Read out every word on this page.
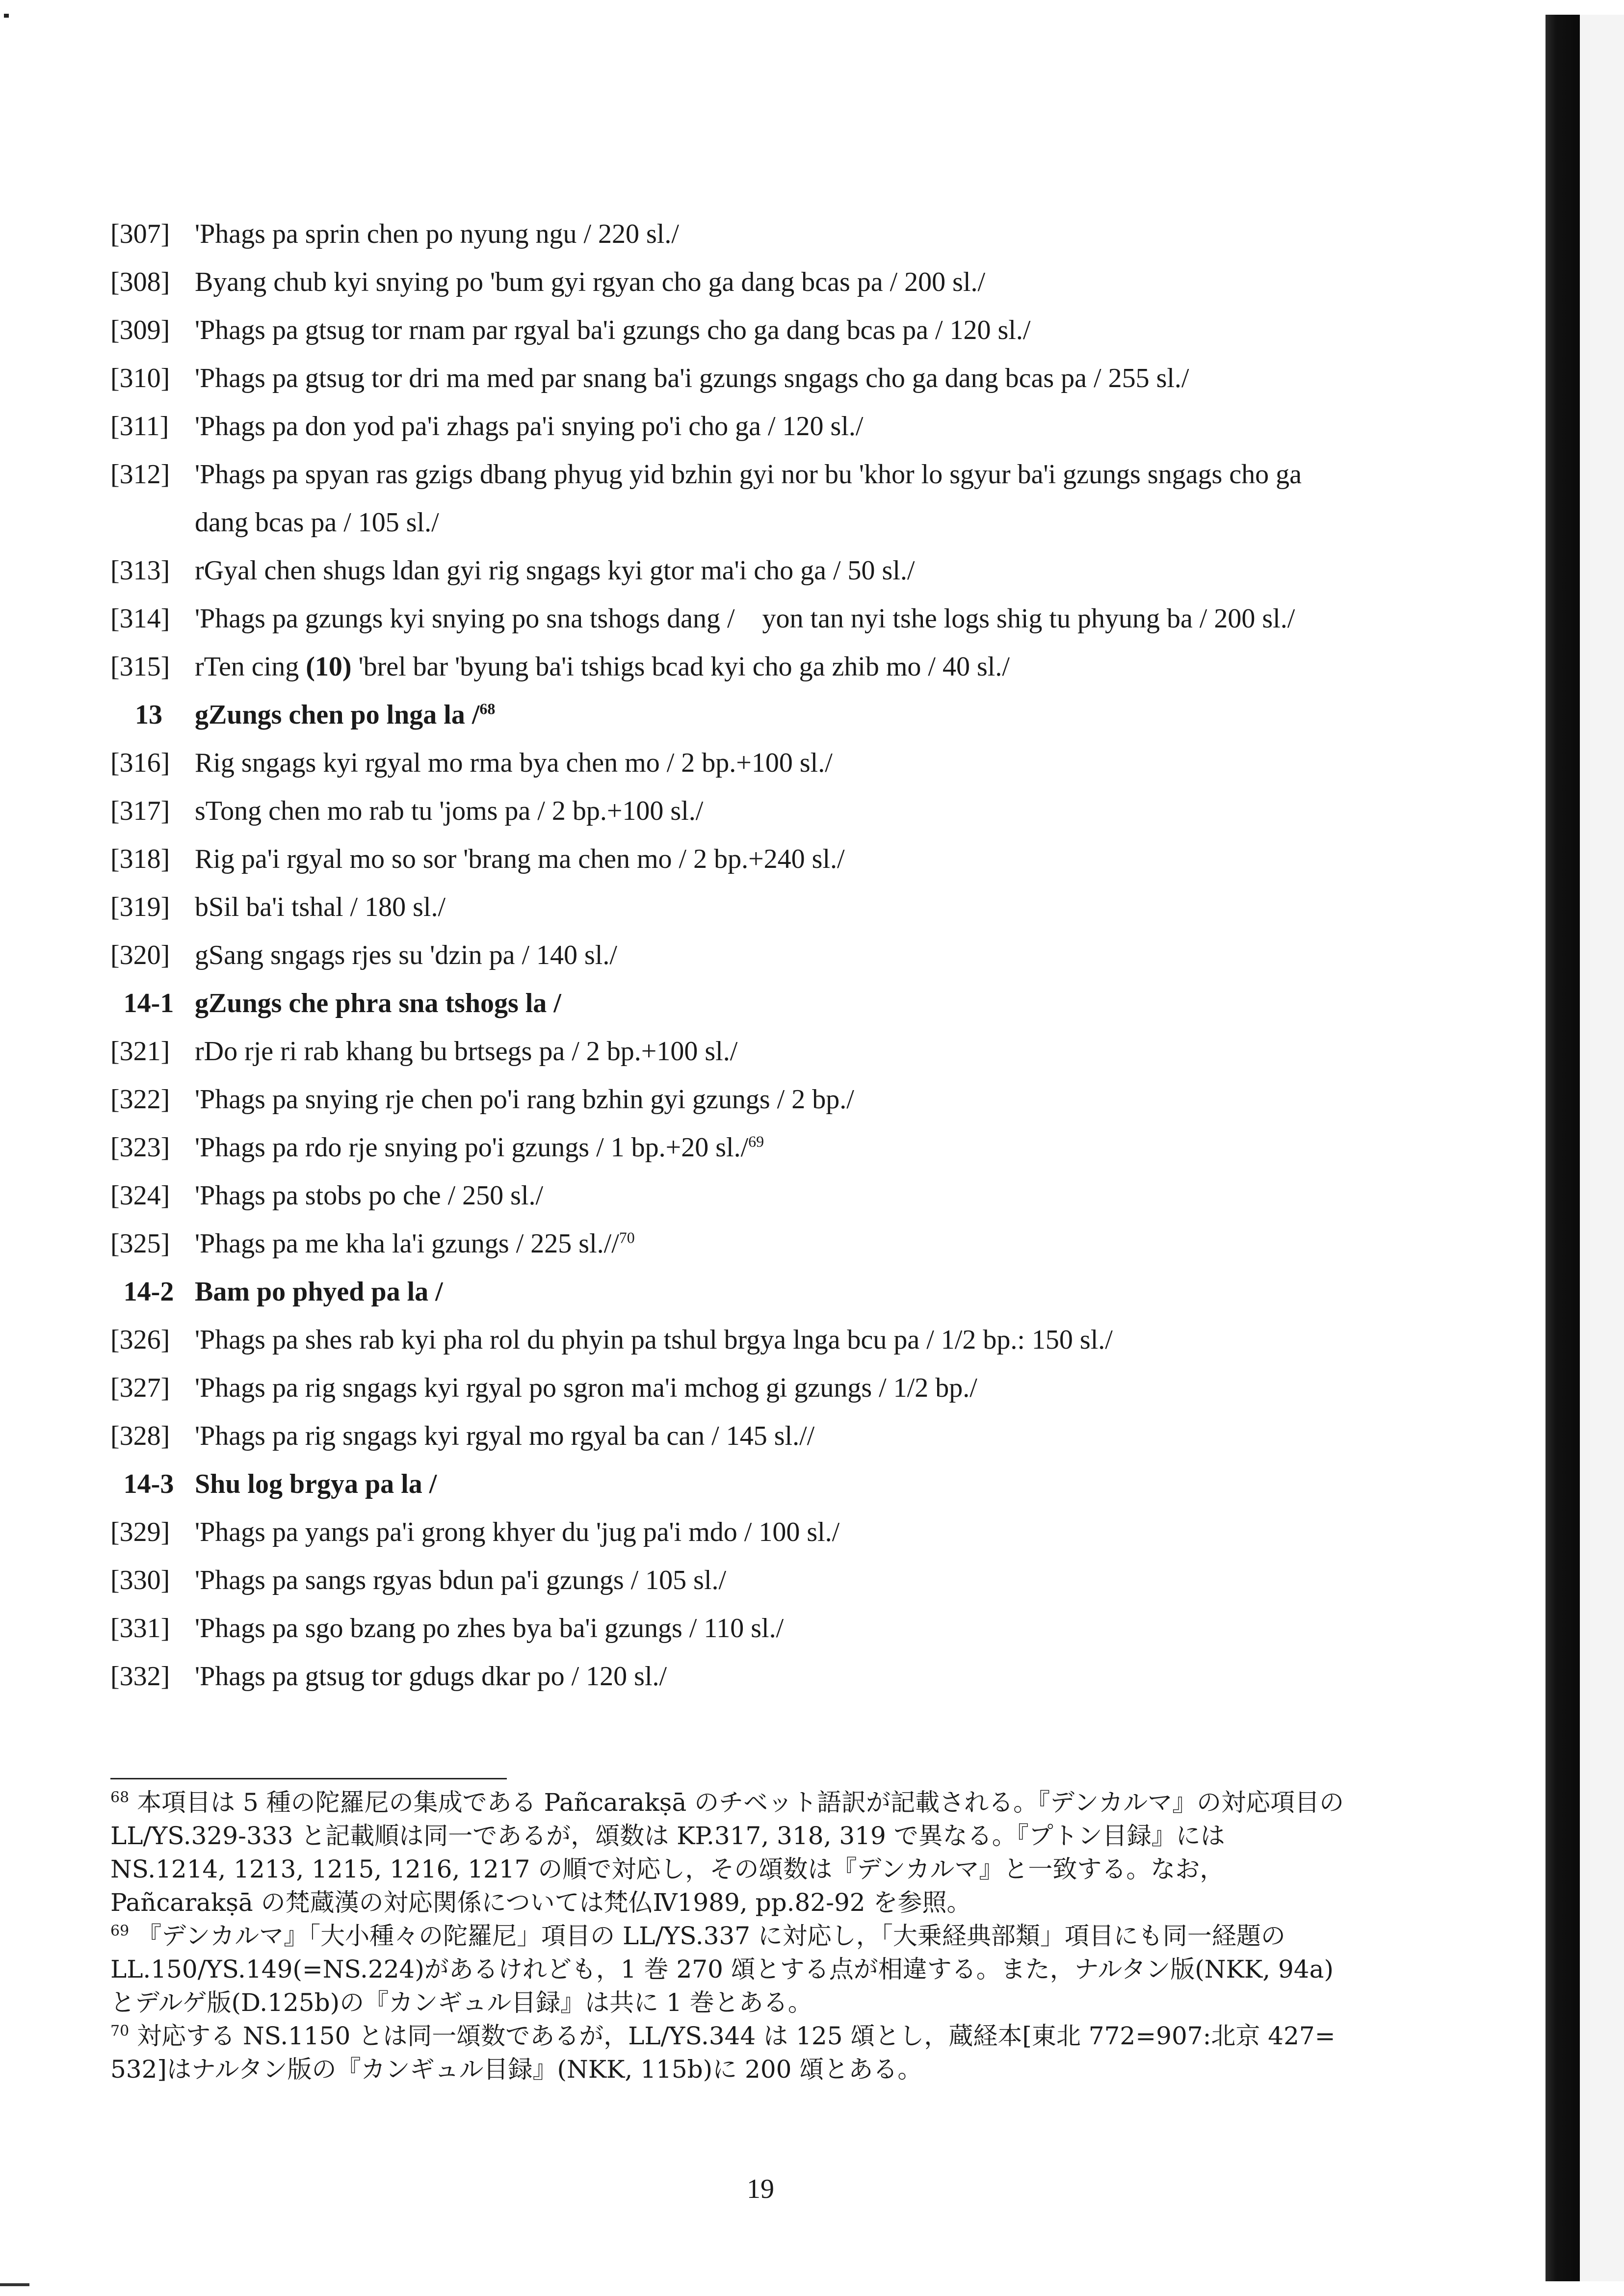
[307] 'Phags pa sprin chen po nyung ngu / 220 sl./
[308] Byang chub kyi snying po 'bum gyi rgyan cho ga dang bcas pa / 200 sl./
[309] 'Phags pa gtsug tor rnam par rgyal ba'i gzungs cho ga dang bcas pa / 120 sl./
[310] 'Phags pa gtsug tor dri ma med par snang ba'i gzungs sngags cho ga dang bcas pa / 255 sl./
[311] 'Phags pa don yod pa'i zhags pa'i snying po'i cho ga / 120 sl./
[312] 'Phags pa spyan ras gzigs dbang phyug yid bzhin gyi nor bu 'khor lo sgyur ba'i gzungs sngags cho ga dang bcas pa / 105 sl./
[313] rGyal chen shugs ldan gyi rig sngags kyi gtor ma'i cho ga / 50 sl./
[314] 'Phags pa gzungs kyi snying po sna tshogs dang /    yon tan nyi tshe logs shig tu phyung ba / 200 sl./
[315] rTen cing (10) 'brel bar 'byung ba'i tshigs bcad kyi cho ga zhib mo / 40 sl./
13	gZungs chen po lnga la /$^{68}$
[316] Rig sngags kyi rgyal mo rma bya chen mo / 2 bp.+100 sl./
[317] sTong chen mo rab tu 'joms pa / 2 bp.+100 sl./
[318] Rig pa'i rgyal mo so sor 'brang ma chen mo / 2 bp.+240 sl./
[319] bSil ba'i tshal / 180 sl./
[320] gSang sngags rjes su 'dzin pa / 140 sl./
14-1 gZungs che phra sna tshogs la /
[321] rDo rje ri rab khang bu brtsegs pa / 2 bp.+100 sl./
[322] 'Phags pa snying rje chen po'i rang bzhin gyi gzungs / 2 bp./
[323] 'Phags pa rdo rje snying po'i gzungs / 1 bp.+20 sl./$^{69}$
[324] 'Phags pa stobs po che / 250 sl./
[325] 'Phags pa me kha la'i gzungs / 225 sl.//$^{70}$
14-2 Bam po phyed pa la /
[326] 'Phags pa shes rab kyi pha rol du phyin pa tshul brgya lnga bcu pa / 1/2 bp.: 150 sl./
[327] 'Phags pa rig sngags kyi rgyal po sgron ma'i mchog gi gzungs / 1/2 bp./
[328] 'Phags pa rig sngags kyi rgyal mo rgyal ba can / 145 sl.//
14-3 Shu log brgya pa la /
[329] 'Phags pa yangs pa'i grong khyer du 'jug pa'i mdo / 100 sl./
[330] 'Phags pa sangs rgyas bdun pa'i gzungs / 105 sl./
[331] 'Phags pa sgo bzang po zhes bya ba'i gzungs / 110 sl./
[332] 'Phags pa gtsug tor gdugs dkar po / 120 sl./

$^{68}$ 本項目は 5 種の陀羅尼の集成である Pañcarakṣā のチベット語訳が記載される。『デンカルマ』の対応項目の LL/YS.329-333 と記載順は同一であるが，頌数は KP.317, 318, 319 で異なる。『プトン目録』には NS.1214, 1213, 1215, 1216, 1217 の順で対応し，その頌数は『デンカルマ』と一致する。なお，Pañcarakṣā の梵蔵漢の対応関係については梵仏Ⅳ1989, pp.82-92 を参照。

$^{69}$ 『デンカルマ』「大小種々の陀羅尼」項目の LL/YS.337 に対応し，「大乗経典部類」項目にも同一経題の LL.150/YS.149(=NS.224)があるけれども，1 巻 270 頌とする点が相違する。また，ナルタン版(NKK, 94a)とデルゲ版(D.125b)の『カンギュル目録』は共に 1 巻とある。

$^{70}$ 対応する NS.1150 とは同一頌数であるが，LL/YS.344 は 125 頌とし，蔵経本[東北 772=907:北京 427= 532]はナルタン版の『カンギュル目録』(NKK, 115b)に 200 頌とある。

19
